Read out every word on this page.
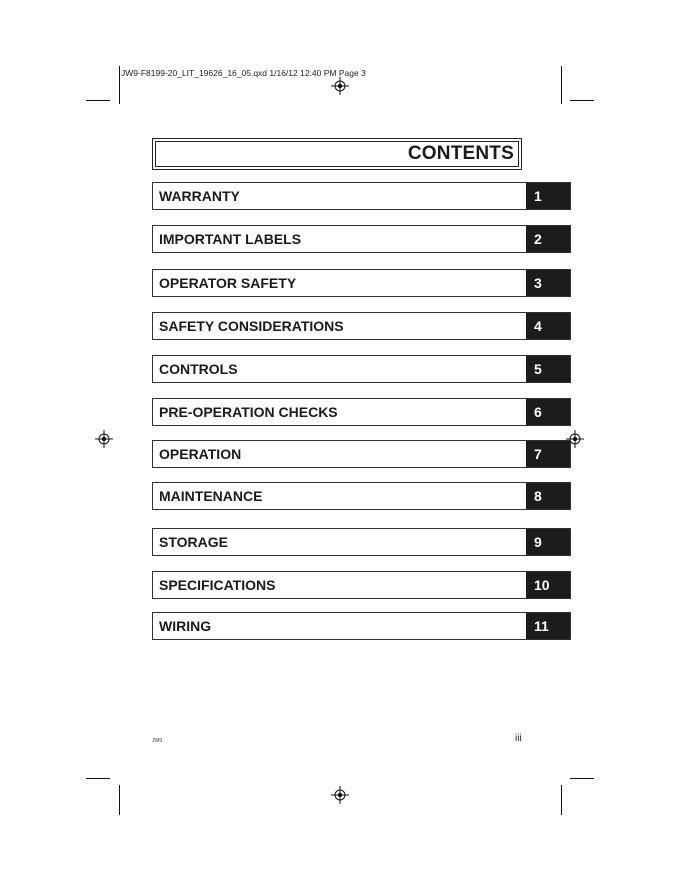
JW9-F8199-20_LIT_19626_16_05.qxd 1/16/12 12:40 PM Page 3
CONTENTS
WARRANTY	1
IMPORTANT LABELS	2
OPERATOR SAFETY	3
SAFETY CONSIDERATIONS	4
CONTROLS	5
PRE-OPERATION CHECKS	6
OPERATION	7
MAINTENANCE	8
STORAGE	9
SPECIFICATIONS	10
WIRING	11
JW9	iii
